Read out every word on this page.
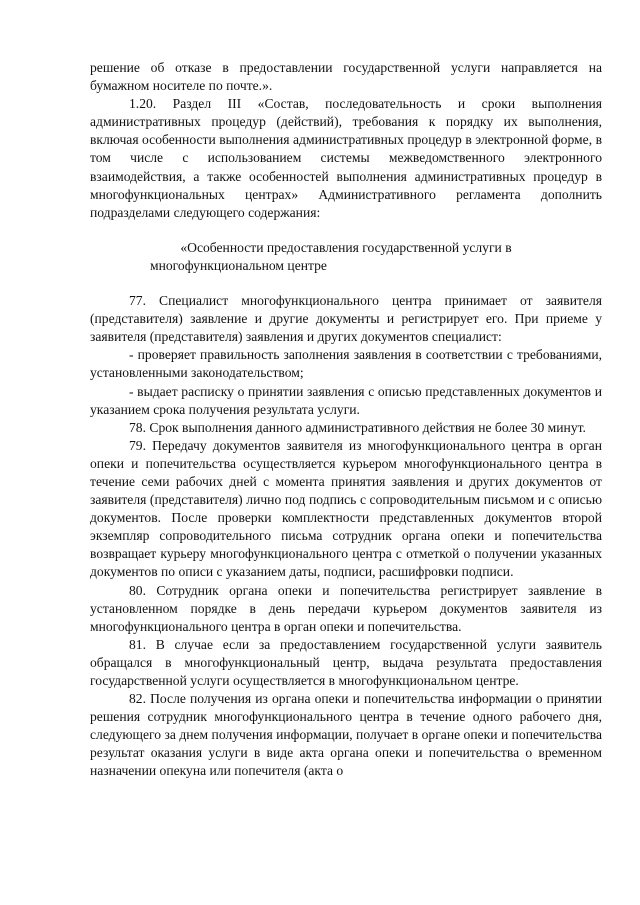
решение об отказе в предоставлении государственной услуги направляется на бумажном носителе по почте.».

1.20. Раздел III «Состав, последовательность и сроки выполнения административных процедур (действий), требования к порядку их выполнения, включая особенности выполнения административных процедур в электронной форме, в том числе с использованием системы межведомственного электронного взаимодействия, а также особенностей выполнения административных процедур в многофункциональных центрах» Административного регламента дополнить подразделами следующего содержания:

«Особенности предоставления государственной услуги в многофункциональном центре

77. Специалист многофункционального центра принимает от заявителя (представителя) заявление и другие документы и регистрирует его. При приеме у заявителя (представителя) заявления и других документов специалист:

- проверяет правильность заполнения заявления в соответствии с требованиями, установленными законодательством;

- выдает расписку о принятии заявления с описью представленных документов и указанием срока получения результата услуги.

78. Срок выполнения данного административного действия не более 30 минут.

79. Передачу документов заявителя из многофункционального центра в орган опеки и попечительства осуществляется курьером многофункционального центра в течение семи рабочих дней с момента принятия заявления и других документов от заявителя (представителя) лично под подпись с сопроводительным письмом и с описью документов. После проверки комплектности представленных документов второй экземпляр сопроводительного письма сотрудник органа опеки и попечительства возвращает курьеру многофункционального центра с отметкой о получении указанных документов по описи с указанием даты, подписи, расшифровки подписи.

80. Сотрудник органа опеки и попечительства регистрирует заявление в установленном порядке в день передачи курьером документов заявителя из многофункционального центра в орган опеки и попечительства.

81. В случае если за предоставлением государственной услуги заявитель обращался в многофункциональный центр, выдача результата предоставления государственной услуги осуществляется в многофункциональном центре.

82. После получения из органа опеки и попечительства информации о принятии решения сотрудник многофункционального центра в течение одного рабочего дня, следующего за днем получения информации, получает в органе опеки и попечительства результат оказания услуги в виде акта органа опеки и попечительства о временном назначении опекуна или попечителя (акта о
